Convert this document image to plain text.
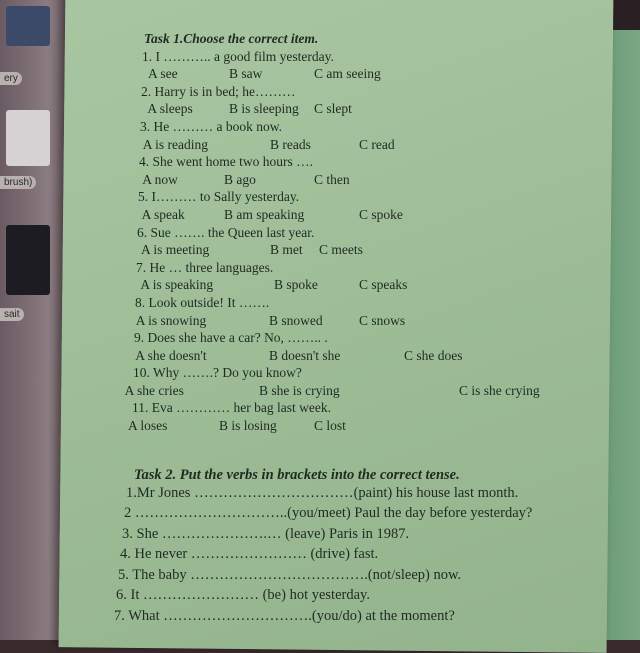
ery
brush)
sait
Task 1.Choose the correct item.
1. I ……….. a good film yesterday.
A see	B saw	C am seeing
2. Harry is in bed; he………
A sleeps	B is sleeping C slept
3. He ……… a book now.
A is reading	B reads	C read
4. She went home two hours ….
A now	B ago	C then
5. I……… to Sally yesterday.
A speak	B am speaking	C spoke
6. Sue ……. the Queen last year.
A is meeting	B met C meets
7. He … three languages.
A is speaking	B spoke	C speaks
8. Look outside! It …….
A is snowing	B snowed	C snows
9. Does she have a car? No, …….. .
A she doesn't	B doesn't she	C she does
10. Why …….? Do you know?
A she cries	B she is crying	C is she crying
11. Eva ………… her bag last week.
A loses	B is losing	C lost
Task 2. Put the verbs in brackets into the correct tense.
1.Mr Jones ……………………………(paint) his house last month.
2 …………………………..(you/meet) Paul the day before yesterday?
3. She ………………….… (leave) Paris in 1987.
4. He never …………………… (drive) fast.
5. The baby ……………………………….(not/sleep) now.
6. It …………………… (be) hot yesterday.
7. What ………………………….(you/do) at the moment?
